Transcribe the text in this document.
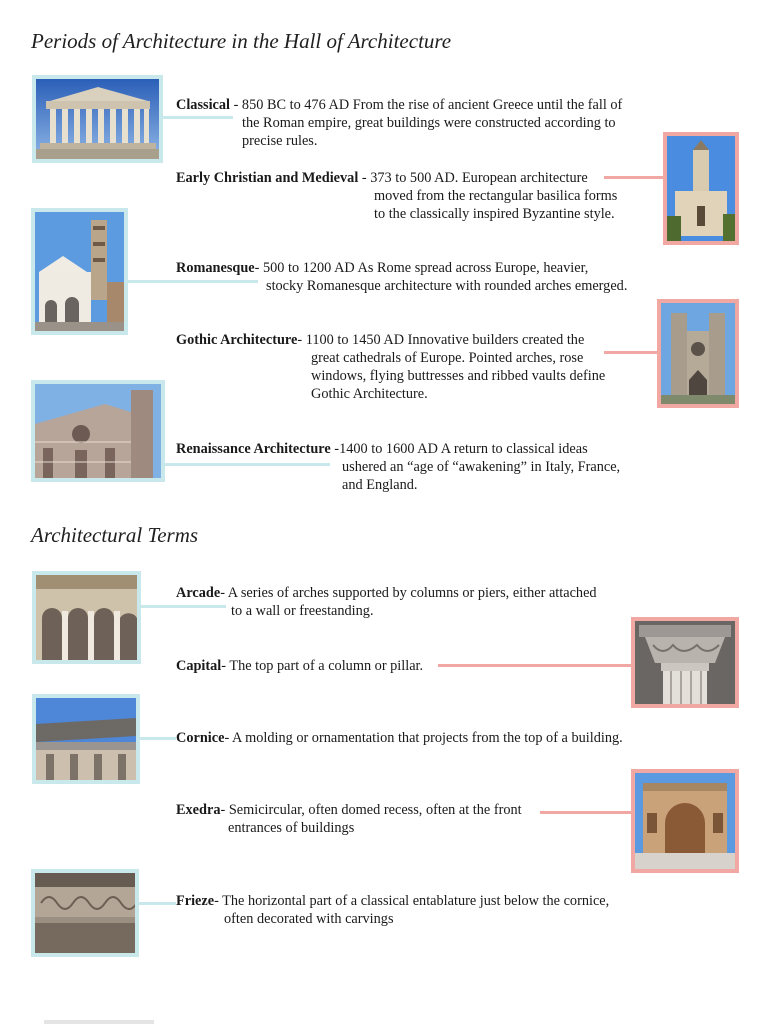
Periods of Architecture in the Hall of Architecture
Architectural Terms

Classical - 850 BC to 476 AD From the rise of ancient Greece until the fall of
the Roman empire, great buildings were constructed according to
precise rules.

Early Christian and Medieval - 373 to 500 AD. European architecture
moved from the rectangular basilica forms
to the classically inspired Byzantine style.

Romanesque- 500 to 1200 AD As Rome spread across Europe, heavier,
stocky Romanesque architecture with rounded arches emerged.

Gothic Architecture- 1100 to 1450 AD Innovative builders created the
great cathedrals of Europe. Pointed arches, rose
windows, flying buttresses and ribbed vaults define
Gothic Architecture.

Renaissance Architecture -1400 to 1600 AD A return to classical ideas
ushered an “age of “awakening” in Italy, France,
and England.

Arcade- A series of arches supported by columns or piers, either attached
to a wall or freestanding.

Capital- The top part of a column or pillar.

Cornice- A molding or ornamentation that projects from the top of a building.

Exedra- Semicircular, often domed recess, often at the front
entrances of buildings

Frieze- The horizontal part of a classical entablature just below the cornice,
often decorated with carvings
